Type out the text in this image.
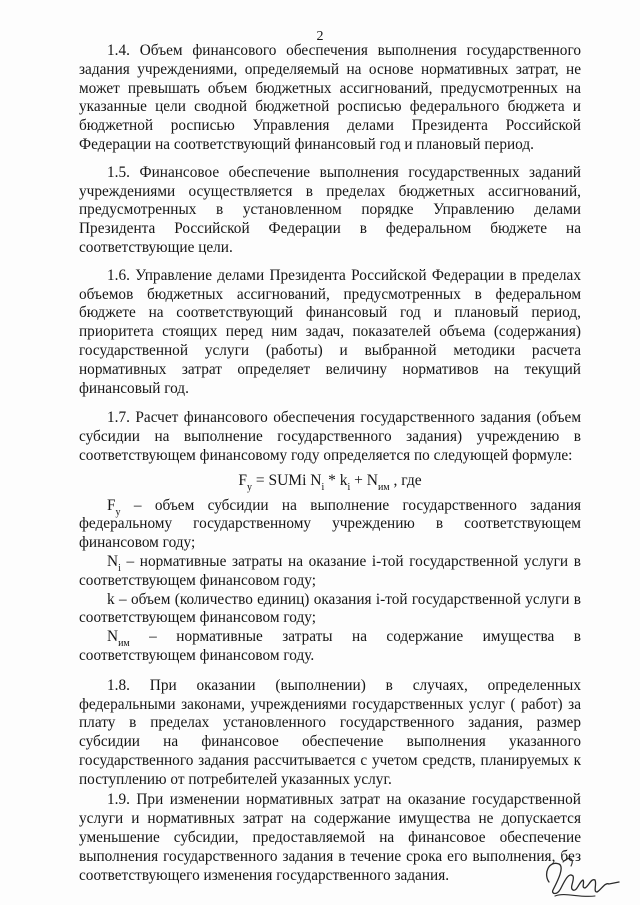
2

1.4. Объем финансового обеспечения выполнения государственного задания учреждениями, определяемый на основе нормативных затрат, не может превышать объем бюджетных ассигнований, предусмотренных на указанные цели сводной бюджетной росписью федерального бюджета и бюджетной росписью Управления делами Президента Российской Федерации на соответствующий финансовый год и плановый период.

1.5. Финансовое обеспечение выполнения государственных заданий учреждениями осуществляется в пределах бюджетных ассигнований, предусмотренных в установленном порядке Управлению делами Президента Российской Федерации в федеральном бюджете на соответствующие цели.

1.6. Управление делами Президента Российской Федерации в пределах объемов бюджетных ассигнований, предусмотренных в федеральном бюджете на соответствующий финансовый год и плановый период, приоритета стоящих перед ним задач, показателей объема (содержания) государственной услуги (работы) и выбранной методики расчета нормативных затрат определяет величину нормативов на текущий финансовый год.

1.7. Расчет финансового обеспечения государственного задания (объем субсидии на выполнение государственного задания) учреждению в соответствующем финансовому году определяется по следующей формуле:

$F_y$ = SUMi $N_i * k_i + N_{им}$ , где

$F_y$ – объем субсидии на выполнение государственного задания федеральному государственному учреждению в соответствующем финансовом году;

$N_i$ – нормативные затраты на оказание i-той государственной услуги в соответствующем финансовом году;

k – объем (количество единиц) оказания i-той государственной услуги в соответствующем финансовом году;

$N_{им}$ – нормативные затраты на содержание имущества в соответствующем финансовом году.

1.8. При оказании (выполнении) в случаях, определенных федеральными законами, учреждениями государственных услуг ( работ) за плату в пределах установленного государственного задания, размер субсидии на финансовое обеспечение выполнения указанного государственного задания рассчитывается с учетом средств, планируемых к поступлению от потребителей указанных услуг.

1.9. При изменении нормативных затрат на оказание государственной услуги и нормативных затрат на содержание имущества не допускается уменьшение субсидии, предоставляемой на финансовое обеспечение выполнения государственного задания в течение срока его выполнения, без соответствующего изменения государственного задания.
